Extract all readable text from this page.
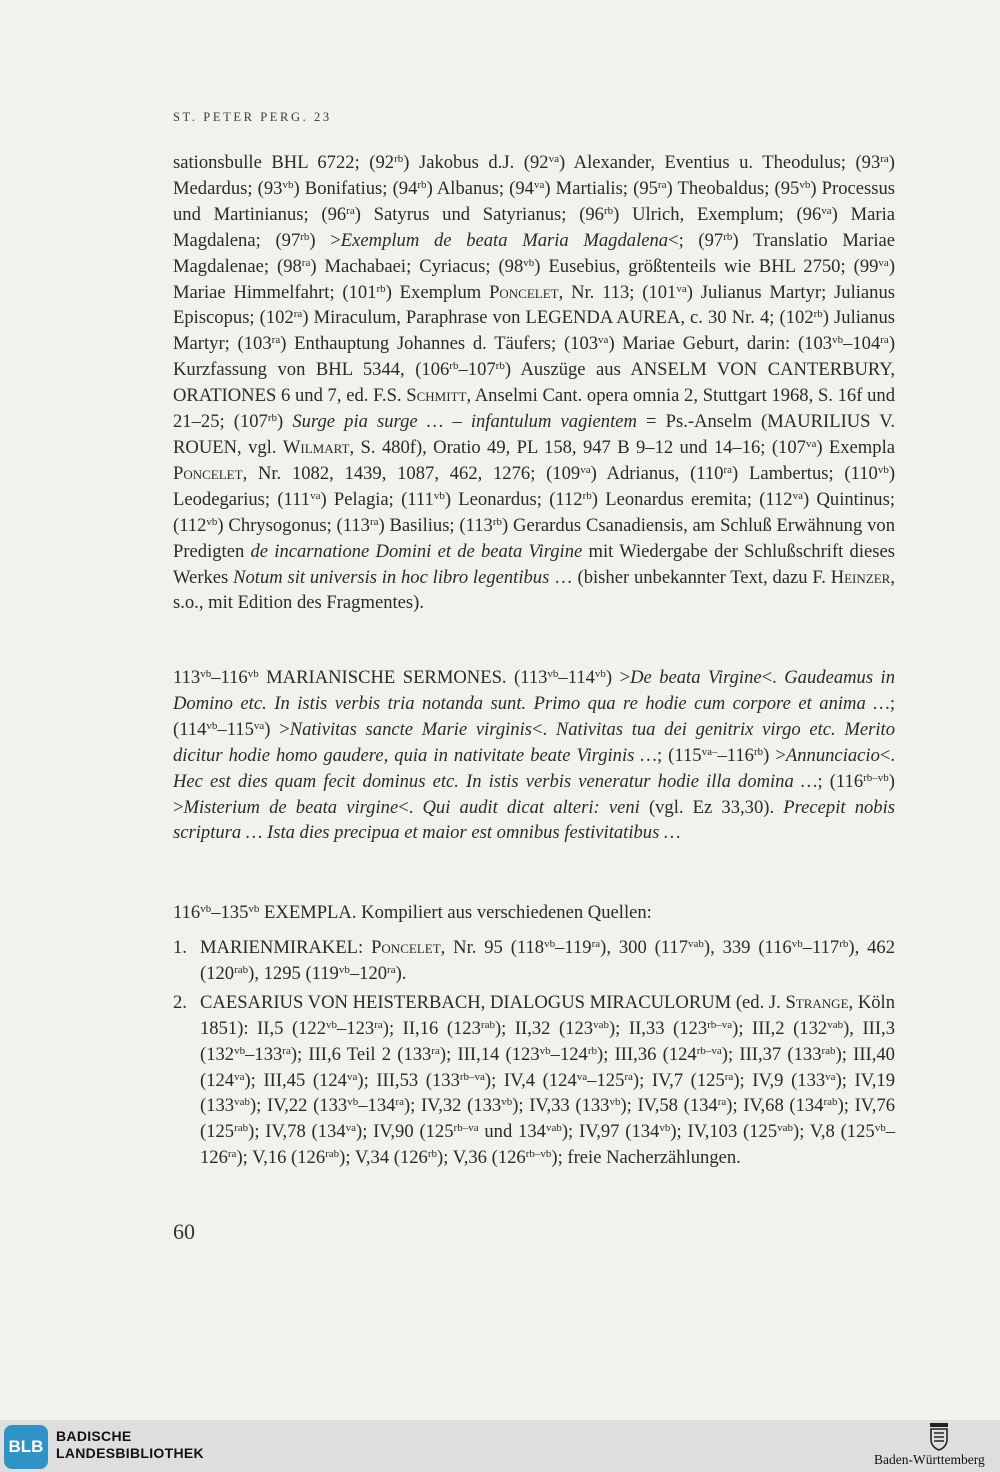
ST. PETER PERG. 23
sationsbulle BHL 6722; $(92^{rb})$ Jakobus d.J. $(92^{va})$ Alexander, Eventius u. Theodulus; $(93^{ra})$ Medardus; $(93^{vb})$ Bonifatius; $(94^{rb})$ Albanus; $(94^{va})$ Martialis; $(95^{ra})$ Theobaldus; $(95^{vb})$ Processus und Martinianus; $(96^{ra})$ Satyrus und Satyrianus; $(96^{rb})$ Ulrich, Exemplum; $(96^{va})$ Maria Magdalena; $(97^{rb})$ >Exemplum de beata Maria Magdalena<; $(97^{rb})$ Translatio Mariae Magdalenae; $(98^{ra})$ Machabaei; Cyriacus; $(98^{vb})$ Eusebius, größtenteils wie BHL 2750; $(99^{va})$ Mariae Himmelfahrt; $(101^{rb})$ Exemplum Poncelet, Nr. 113; $(101^{va})$ Julianus Martyr; Julianus Episcopus; $(102^{ra})$ Miraculum, Paraphrase von LEGENDA AUREA, c. 30 Nr. 4; $(102^{rb})$ Julianus Martyr; $(103^{ra})$ Enthauptung Johannes d. Täufers; $(103^{va})$ Mariae Geburt, darin: $(103^{vb}-104^{ra})$ Kurzfassung von BHL 5344, $(106^{rb}-107^{rb})$ Auszüge aus ANSELM VON CANTERBURY, ORATIONES 6 und 7, ed. F.S. Schmitt, Anselmi Cant. opera omnia 2, Stuttgart 1968, S. 16f und 21–25; $(107^{rb})$ Surge pia surge … – infantulum vagientem = Ps.-Anselm (MAURILIUS V. ROUEN, vgl. Wilmart, S. 480f), Oratio 49, PL 158, 947 B 9–12 und 14–16; $(107^{va})$ Exempla Poncelet, Nr. 1082, 1439, 1087, 462, 1276; $(109^{va})$ Adrianus, $(110^{ra})$ Lambertus; $(110^{vb})$ Leodegarius; $(111^{va})$ Pelagia; $(111^{vb})$ Leonardus; $(112^{rb})$ Leonardus eremita; $(112^{va})$ Quintinus; $(112^{vb})$ Chrysogonus; $(113^{ra})$ Basilius; $(113^{rb})$ Gerardus Csanadiensis, am Schluß Erwähnung von Predigten de incarnatione Domini et de beata Virgine mit Wiedergabe der Schlußschrift dieses Werkes Notum sit universis in hoc libro legentibus … (bisher unbekannter Text, dazu F. Heinzer, s.o., mit Edition des Fragmentes).
$113^{vb}-116^{vb}$ MARIANISCHE SERMONES. $(113^{vb}-114^{vb}) >De$ beata Virgine<. Gaudeamus in Domino etc. In istis verbis tria notanda sunt. Primo qua re hodie cum corpore et anima …; $(114^{vb}-115^{va})$ >Nativitas sancte Marie virginis<. Nativitas tua dei genitrix virgo etc. Merito dicitur hodie homo gaudere, quia in nativitate beate Virginis …; $(115^{va-}-116^{rb})$ >Annunciacio<. Hec est dies quam fecit dominus etc. In istis verbis veneratur hodie illa domina …; $(116^{rb-vb})$ >Misterium de beata virgine<. Qui audit dicat alteri: veni (vgl. Ez 33,30). Precepit nobis scriptura … Ista dies precipua et maior est omnibus festivitatibus …
$116^{vb}-135^{vb}$ EXEMPLA. Kompiliert aus verschiedenen Quellen:
1. MARIENMIRAKEL: Poncelet, Nr. 95 $(118^{vb}-119^{ra})$, 300 $(117^{vab})$, 339 $(116^{vb}-117^{rb})$, 462 $(120^{rab})$, 1295 $(119^{vb}-120^{ra})$.
2. CAESARIUS VON HEISTERBACH, DIALOGUS MIRACULORUM (ed. J. Strange, Köln 1851): II,5 $(122^{vb}-123^{ra})$; II,16 $(123^{rab})$; II,32 $(123^{vab})$; II,33 $(123^{rb-va})$; III,2 $(132^{vab})$, III,3 $(132^{vb}-133^{ra})$; III,6 Teil 2 $(133^{ra})$; III,14 $(123^{vb}-124^{rb})$; III,36 $(124^{rb-va})$; III,37 $(133^{rab})$; III,40 $(124^{va})$; III,45 $(124^{va})$; III,53 $(133^{rb-va})$; IV,4 $(124^{va}-125^{ra})$; IV,7 $(125^{ra})$; IV,9 $(133^{va})$; IV,19 $(133^{vab})$; IV,22 $(133^{vb}-134^{ra})$; IV,32 $(133^{vb})$; IV,33 $(133^{vb})$; IV,58 $(134^{ra})$; IV,68 $(134^{rab})$; IV,76 $(125^{rab})$; IV,78 $(134^{va})$; IV,90 ($125^{rb-va}$ und $134^{vab}$); IV,97 $(134^{vb})$; IV,103 $(125^{vab})$; V,8 $(125^{vb}-126^{ra})$; V,16 $(126^{rab})$; V,34 $(126^{rb})$; V,36 $(126^{rb-vb})$; freie Nacherzählungen.
60
BLB
BADISCHE
LANDESBIBLIOTHEK	Baden-Württemberg
